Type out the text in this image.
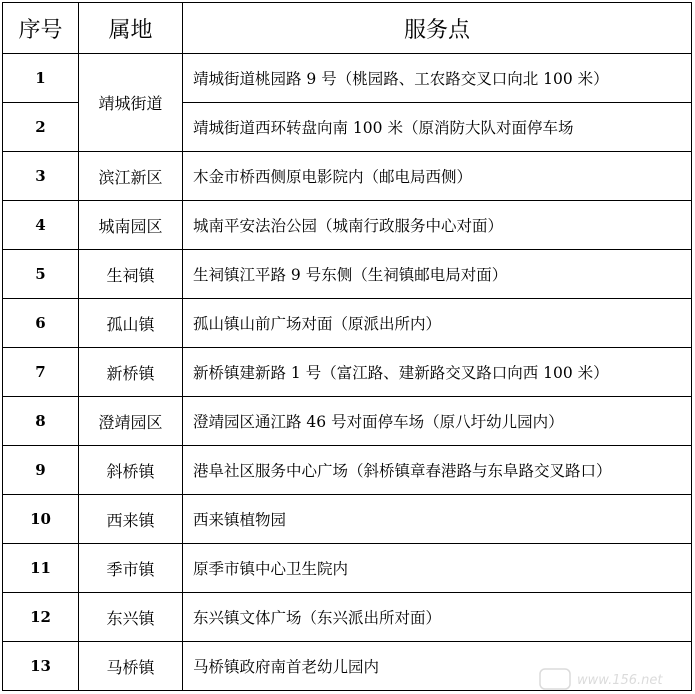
序号	属地	服务点
1	靖城街道	靖城街道桃园路 9 号（桃园路、工农路交叉口向北 100 米）
2		靖城街道西环转盘向南 100 米（原消防大队对面停车场
3	滨江新区	木金市桥西侧原电影院内（邮电局西侧）
4	城南园区	城南平安法治公园（城南行政服务中心对面）
5	生祠镇	生祠镇江平路 9 号东侧（生祠镇邮电局对面）
6	孤山镇	孤山镇山前广场对面（原派出所内）
7	新桥镇	新桥镇建新路 1 号（富江路、建新路交叉路口向西 100 米）
8	澄靖园区	澄靖园区通江路 46 号对面停车场（原八圩幼儿园内）
9	斜桥镇	港阜社区服务中心广场（斜桥镇章春港路与东阜路交叉路口）
10	西来镇	西来镇植物园
11	季市镇	原季市镇中心卫生院内
12	东兴镇	东兴镇文体广场（东兴派出所对面）
13	马桥镇	马桥镇政府南首老幼儿园内
www.156.net
